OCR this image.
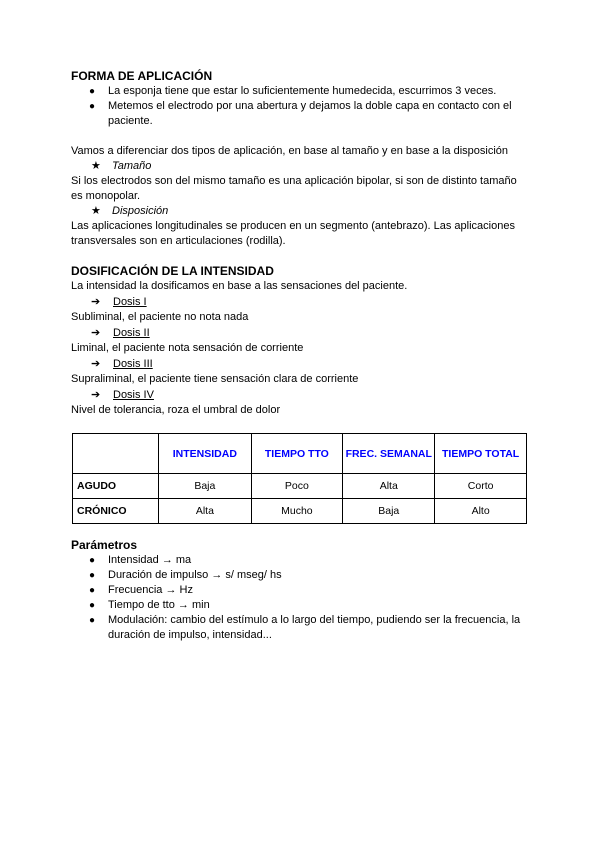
FORMA DE APLICACIÓN
● La esponja tiene que estar lo suficientemente humedecida, escurrimos 3 veces.
● Metemos el electrodo por una abertura y dejamos la doble capa en contacto con el paciente.

Vamos a diferenciar dos tipos de aplicación, en base al tamaño y en base a la disposición

★ Tamaño

Si los electrodos son del mismo tamaño es una aplicación bipolar, si son de distinto tamaño es monopolar.

★ Disposición

Las aplicaciones longitudinales se producen en un segmento (antebrazo). Las aplicaciones transversales son en articulaciones (rodilla).

DOSIFICACIÓN DE LA INTENSIDAD

La intensidad la dosificamos en base a las sensaciones del paciente.

➔ Dosis I

Subliminal, el paciente no nota nada

➔ Dosis II

Liminal, el paciente nota sensación de corriente

➔ Dosis III

Supraliminal, el paciente tiene sensación clara de corriente

➔ Dosis IV

Nivel de tolerancia, roza el umbral de dolor

	INTENSIDAD	TIEMPO TTO	FREC. SEMANAL	TIEMPO TOTAL
AGUDO	Baja	Poco	Alta	Corto
CRÓNICO	Alta	Mucho	Baja	Alto
Parámetros
● Intensidad → ma
● Duración de impulso → s/ mseg/ hs
● Frecuencia → Hz
● Tiempo de tto → min
● Modulación: cambio del estímulo a lo largo del tiempo, pudiendo ser la frecuencia, la duración de impulso, intensidad...
